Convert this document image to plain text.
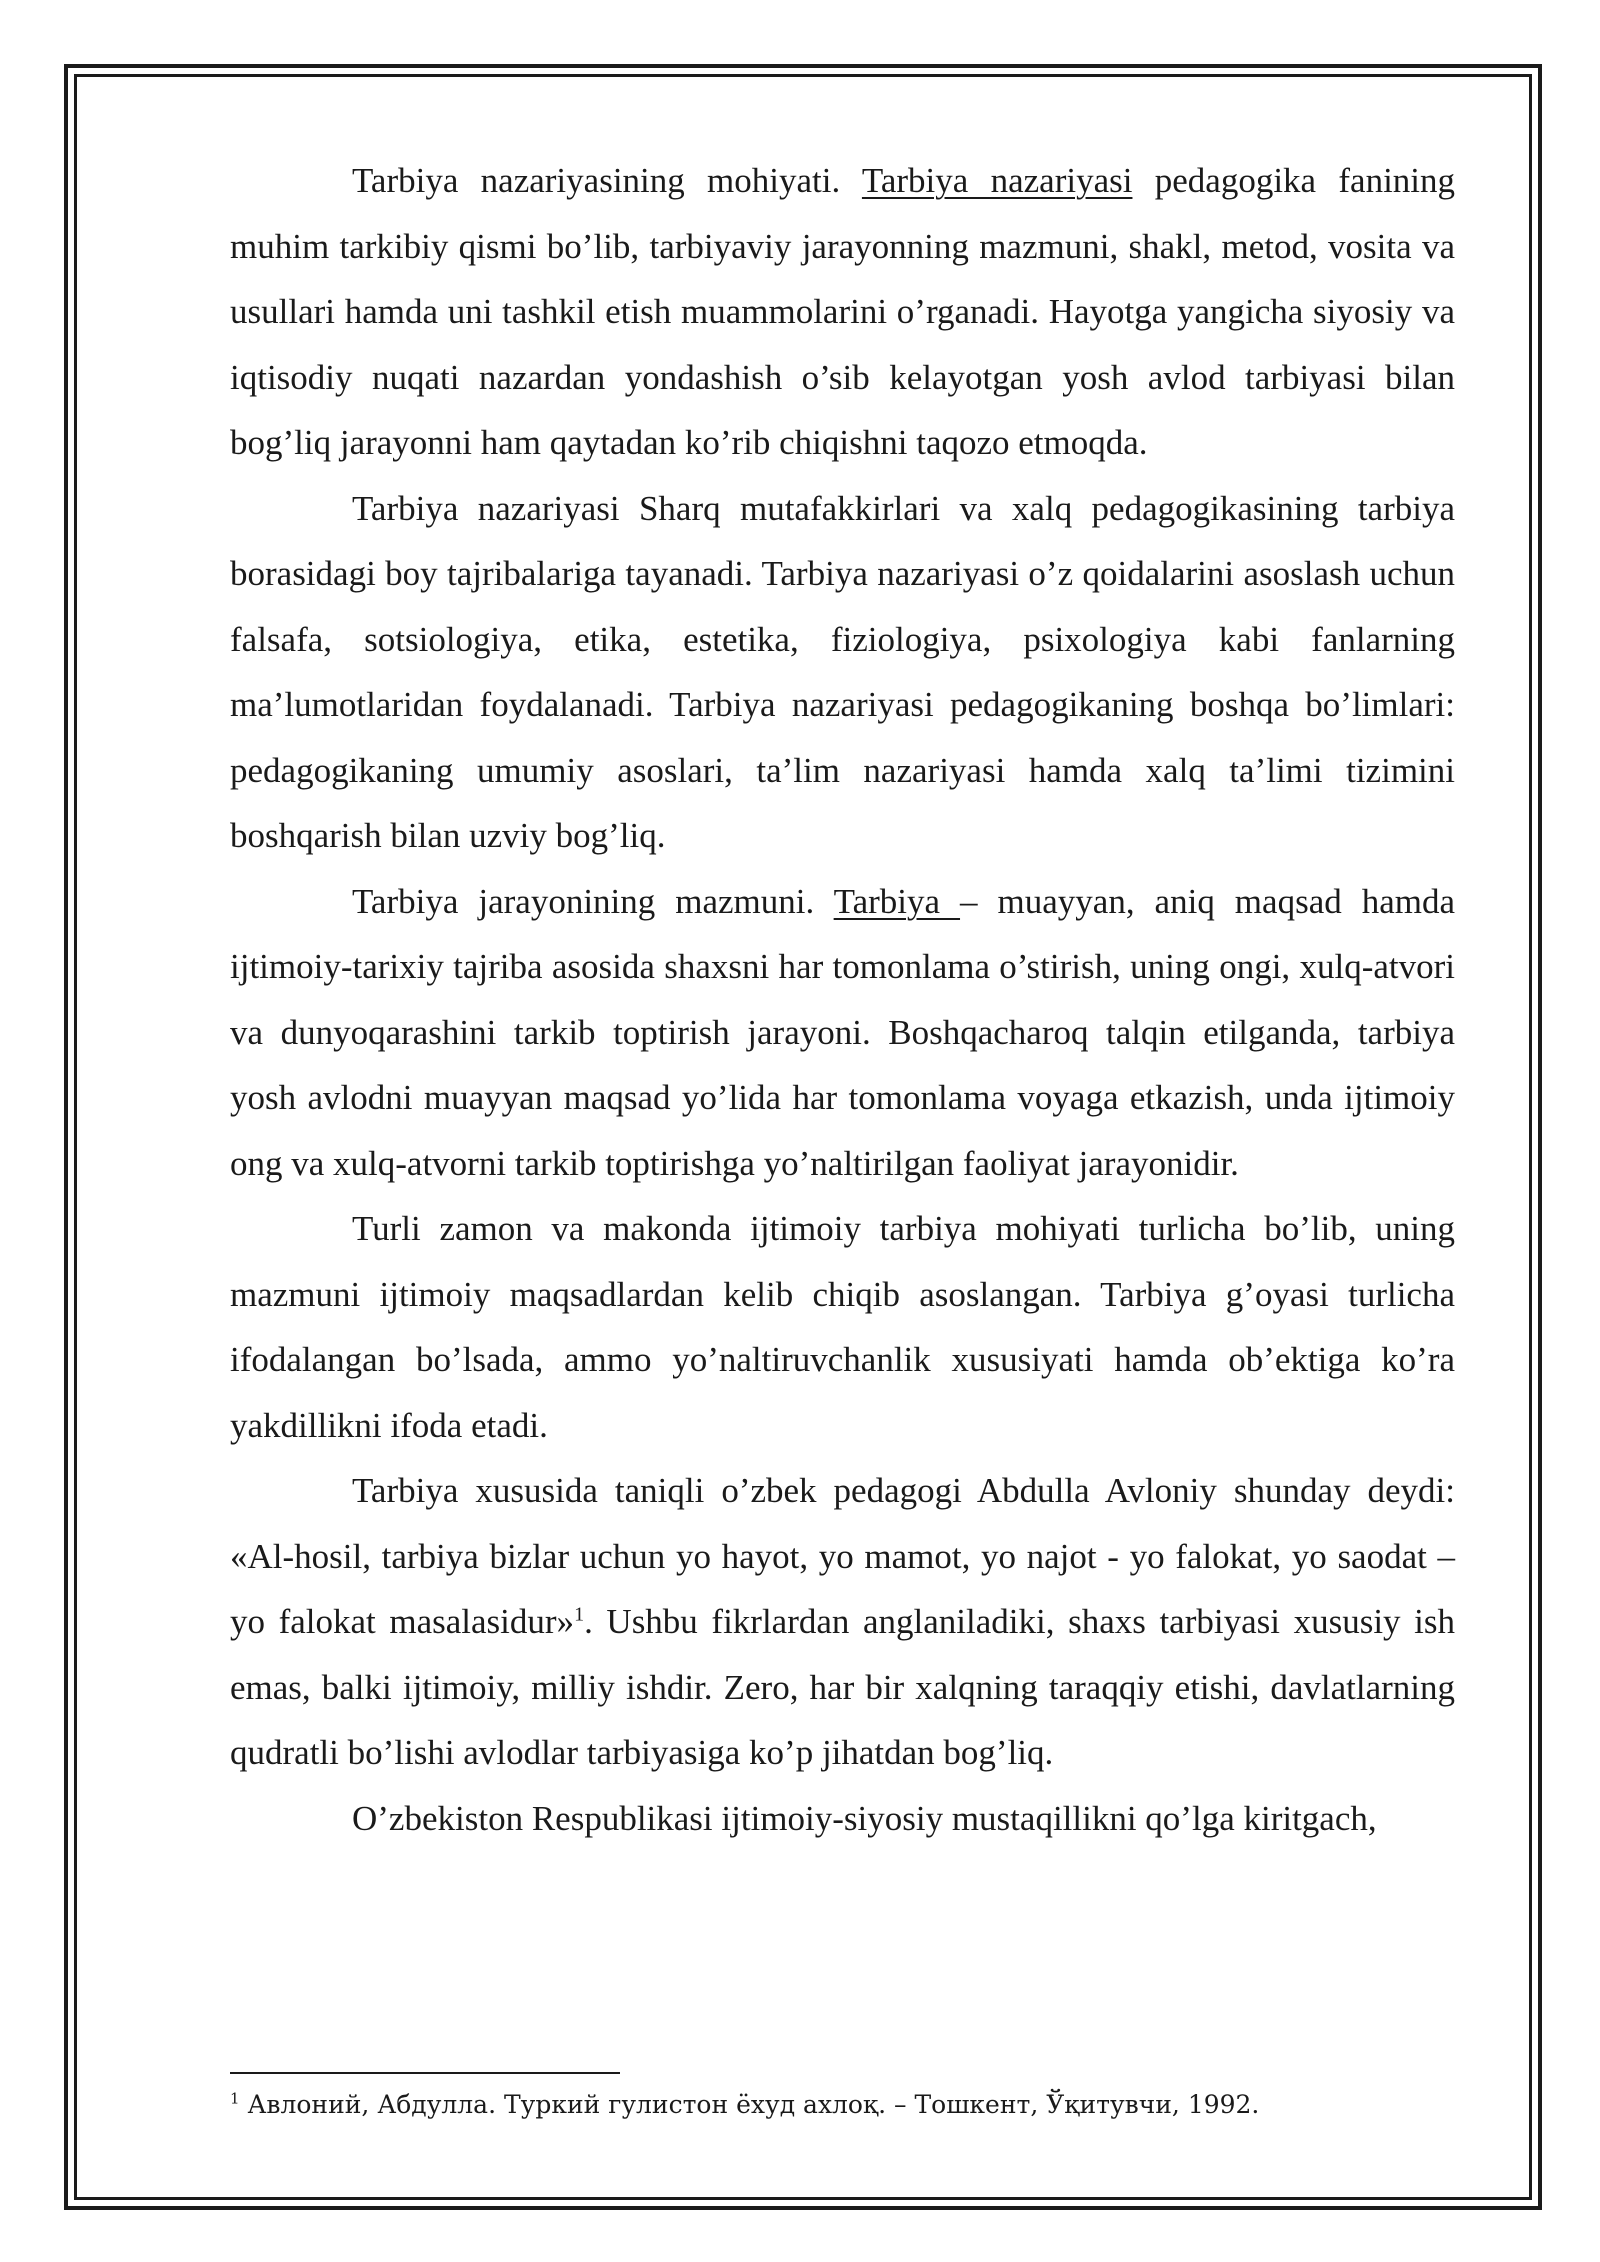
Tarbiya nazariyasining mohiyati. Tarbiya nazariyasi pedagogika fanining muhim tarkibiy qismi bo’lib, tarbiyaviy jarayonning mazmuni, shakl, metod, vosita va usullari hamda uni tashkil etish muammolarini o’rganadi. Hayotga yangicha siyosiy va iqtisodiy nuqati nazardan yondashish o’sib kelayotgan yosh avlod tarbiyasi bilan bog’liq jarayonni ham qaytadan ko’rib chiqishni taqozo etmoqda.

Tarbiya nazariyasi Sharq mutafakkirlari va xalq pedagogikasining tarbiya borasidagi boy tajribalariga tayanadi. Tarbiya nazariyasi o’z qoidalarini asoslash uchun falsafa, sotsiologiya, etika, estetika, fiziologiya, psixologiya kabi fanlarning ma’lumotlaridan foydalanadi. Tarbiya nazariyasi pedagogikaning boshqa bo’limlari: pedagogikaning umumiy asoslari, ta’lim nazariyasi hamda xalq ta’limi tizimini boshqarish bilan uzviy bog’liq.

Tarbiya jarayonining mazmuni. Tarbiya – muayyan, aniq maqsad hamda ijtimoiy-tarixiy tajriba asosida shaxsni har tomonlama o’stirish, uning ongi, xulq-atvori va dunyoqarashini tarkib toptirish jarayoni. Boshqacharoq talqin etilganda, tarbiya yosh avlodni muayyan maqsad yo’lida har tomonlama voyaga etkazish, unda ijtimoiy ong va xulq-atvorni tarkib toptirishga yo’naltirilgan faoliyat jarayonidir.

Turli zamon va makonda ijtimoiy tarbiya mohiyati turlicha bo’lib, uning mazmuni ijtimoiy maqsadlardan kelib chiqib asoslangan. Tarbiya g’oyasi turlicha ifodalangan bo’lsada, ammo yo’naltiruvchanlik xususiyati hamda ob’ektiga ko’ra yakdillikni ifoda etadi.

Tarbiya xususida taniqli o’zbek pedagogi Abdulla Avloniy shunday deydi: «Al-hosil, tarbiya bizlar uchun yo hayot, yo mamot, yo najot - yo falokat, yo saodat – yo falokat masalasidur»$^1$. Ushbu fikrlardan anglaniladiki, shaxs tarbiyasi xususiy ish emas, balki ijtimoiy, milliy ishdir. Zero, har bir xalqning taraqqiy etishi, davlatlarning qudratli bo’lishi avlodlar tarbiyasiga ko’p jihatdan bog’liq.

O’zbekiston Respublikasi ijtimoiy-siyosiy mustaqillikni qo’lga kiritgach,

$^1$ Авлоний, Абдулла. Туркий гулистон ёхуд ахлоқ. – Тошкент, Ўқитувчи, 1992.
